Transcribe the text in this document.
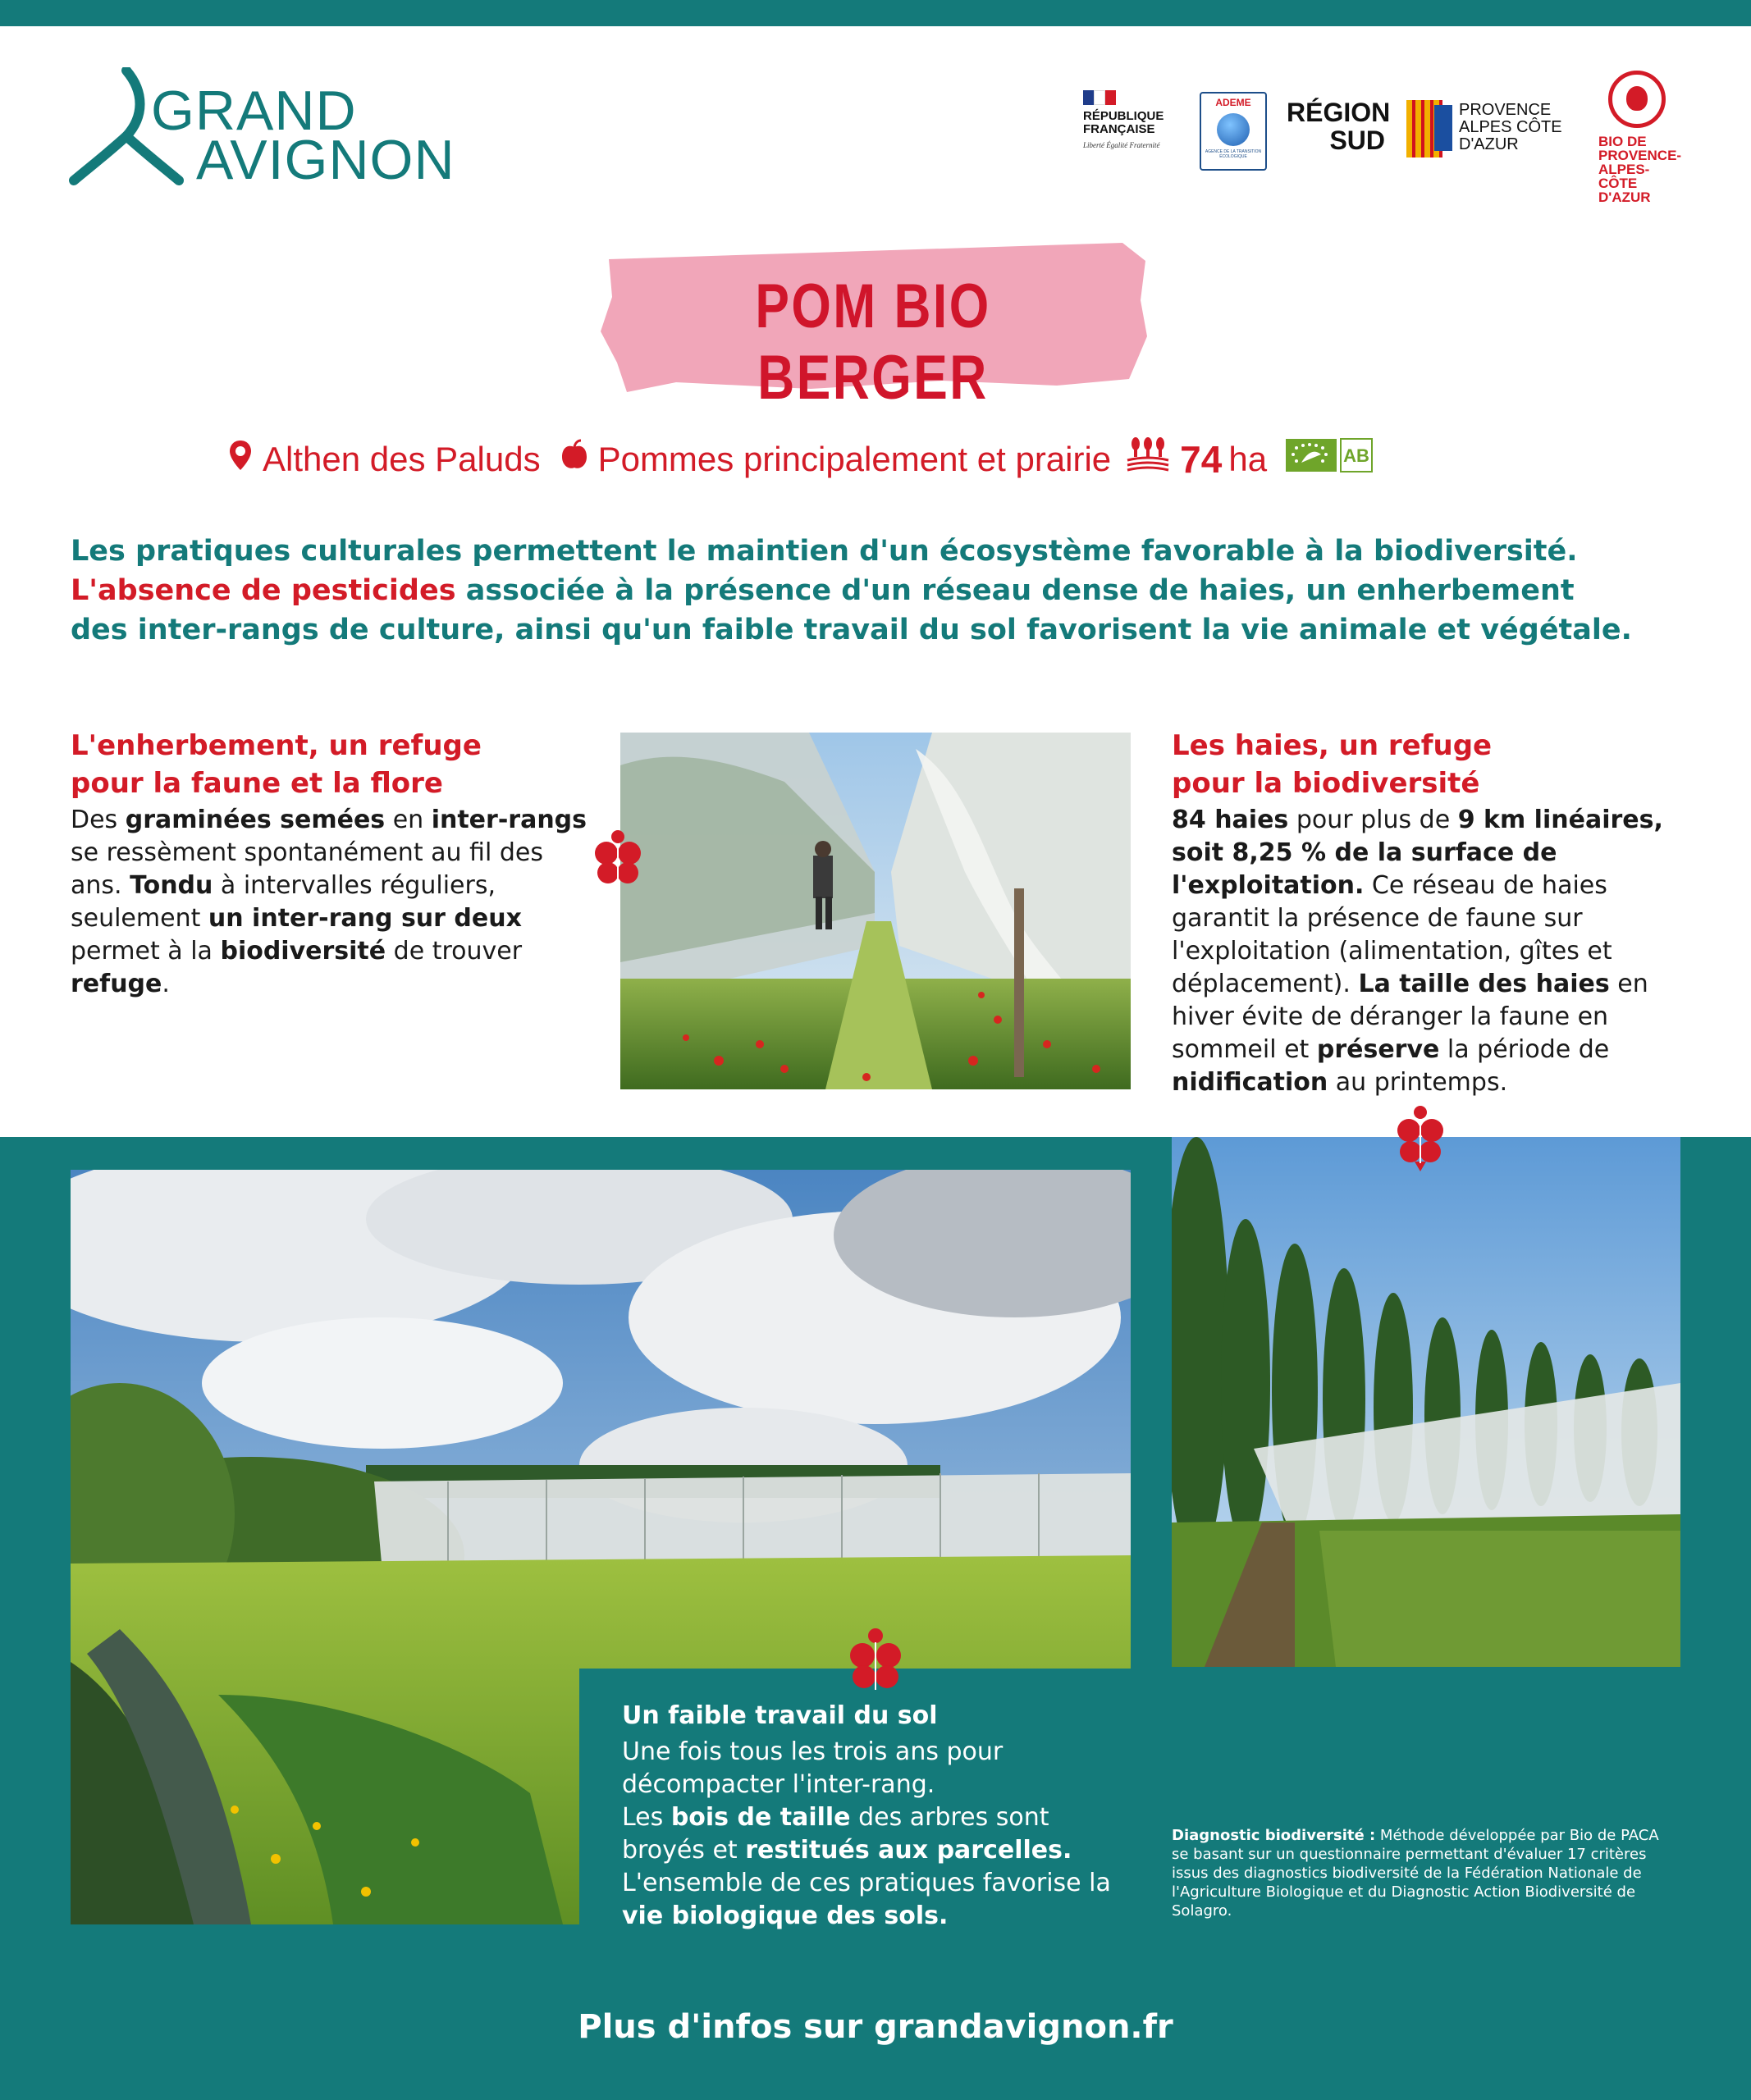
GRAND
AVIGNON
RÉPUBLIQUE FRANÇAISE
Liberté Égalité Fraternité
ADEME
AGENCE DE LA TRANSITION ÉCOLOGIQUE
RÉGION SUD
PROVENCE ALPES CÔTE D'AZUR	BIO DE
PROVENCE-ALPES-CÔTE D'AZUR
POM BIO BERGER
Althen des Paluds Pommes principalement et prairie 74 ha	AB
Les pratiques culturales permettent le maintien d'un écosystème favorable à la biodiversité.
L'absence de pesticides associée à la présence d'un réseau dense de haies, un enherbement
des inter-rangs de culture, ainsi qu'un faible travail du sol favorisent la vie animale et végétale.
L'enherbement, un refuge
pour la faune et la flore
Des graminées semées en inter-rangs se ressèment spontanément au fil des ans. Tondu à intervalles réguliers, seulement un inter-rang sur deux permet à la biodiversité de trouver refuge.
Les haies, un refuge
pour la biodiversité
84 haies pour plus de 9 km linéaires, soit 8,25 % de la surface de l'exploitation. Ce réseau de haies garantit la présence de faune sur l'exploitation (alimentation, gîtes et déplacement). La taille des haies en hiver évite de déranger la faune en sommeil et préserve la période de nidification au printemps.
Un faible travail du sol
Une fois tous les trois ans pour décompacter l'inter-rang.
Les bois de taille des arbres sont broyés et restitués aux parcelles.
L'ensemble de ces pratiques favorise la vie biologique des sols.
Diagnostic biodiversité : Méthode développée par Bio de PACA se basant sur un questionnaire permettant d'évaluer 17 critères issus des diagnostics biodiversité de la Fédération Nationale de l'Agriculture Biologique et du Diagnostic Action Biodiversité de Solagro.
Plus d'infos sur grandavignon.fr
